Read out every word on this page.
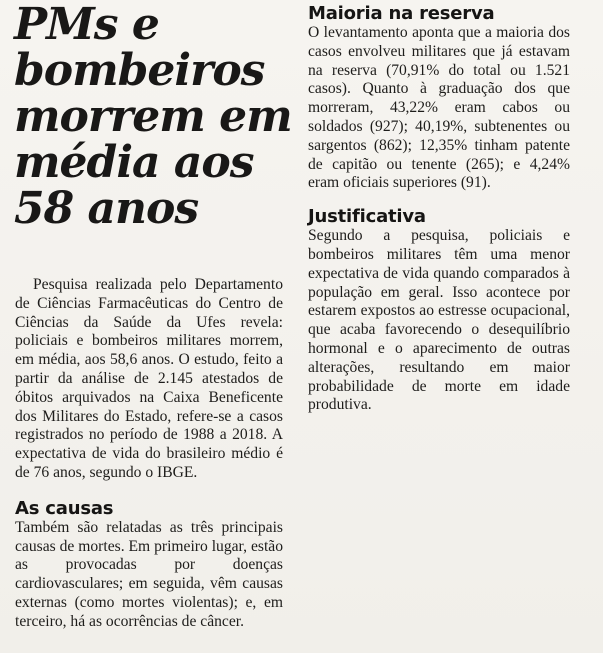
PMs e bombeiros morrem em média aos 58 anos

Pesquisa realizada pelo Departamento de Ciências Farmacêuticas do Centro de Ciências da Saúde da Ufes revela: policiais e bombeiros militares morrem, em média, aos 58,6 anos. O estudo, feito a partir da análise de 2.145 atestados de óbitos arquivados na Caixa Beneficente dos Militares do Estado, refere-se a casos registrados no período de 1988 a 2018. A expectativa de vida do brasileiro médio é de 76 anos, segundo o IBGE.

As causas

Também são relatadas as três principais causas de mortes. Em primeiro lugar, estão as provocadas por doenças cardiovasculares; em seguida, vêm causas externas (como mortes violentas); e, em terceiro, há as ocorrências de câncer.

Maioria na reserva

O levantamento aponta que a maioria dos casos envolveu militares que já estavam na reserva (70,91% do total ou 1.521 casos). Quanto à graduação dos que morreram, 43,22% eram cabos ou soldados (927); 40,19%, subtenentes ou sargentos (862); 12,35% tinham patente de capitão ou tenente (265); e 4,24% eram oficiais superiores (91).

Justificativa

Segundo a pesquisa, policiais e bombeiros militares têm uma menor expectativa de vida quando comparados à população em geral. Isso acontece por estarem expostos ao estresse ocupacional, que acaba favorecendo o desequilíbrio hormonal e o aparecimento de outras alterações, resultando em maior probabilidade de morte em idade produtiva.
